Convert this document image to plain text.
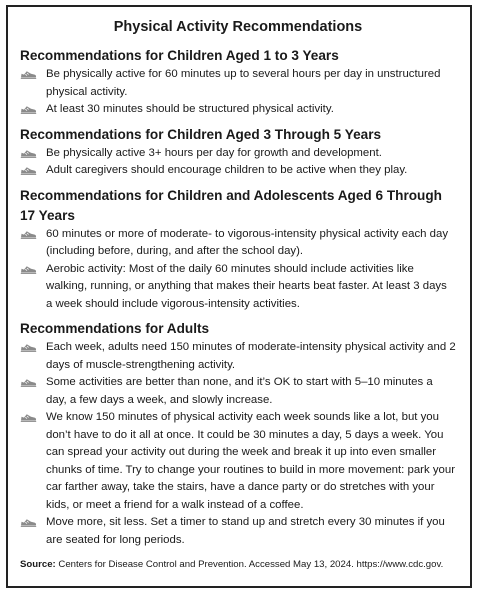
Physical Activity Recommendations
Recommendations for Children Aged 1 to 3 Years
Be physically active for 60 minutes up to several hours per day in unstructured physical activity.
At least 30 minutes should be structured physical activity.
Recommendations for Children Aged 3 Through 5 Years
Be physically active 3+ hours per day for growth and development.
Adult caregivers should encourage children to be active when they play.
Recommendations for Children and Adolescents Aged 6 Through 17 Years
60 minutes or more of moderate- to vigorous-intensity physical activity each day (including before, during, and after the school day).
Aerobic activity: Most of the daily 60 minutes should include activities like walking, running, or anything that makes their hearts beat faster. At least 3 days a week should include vigorous-intensity activities.
Recommendations for Adults
Each week, adults need 150 minutes of moderate-intensity physical activity and 2 days of muscle-strengthening activity.
Some activities are better than none, and it’s OK to start with 5–10 minutes a day, a few days a week, and slowly increase.
We know 150 minutes of physical activity each week sounds like a lot, but you don’t have to do it all at once. It could be 30 minutes a day, 5 days a week. You can spread your activity out during the week and break it up into even smaller chunks of time. Try to change your routines to build in more movement: park your car farther away, take the stairs, have a dance party or do stretches with your kids, or meet a friend for a walk instead of a coffee.
Move more, sit less. Set a timer to stand up and stretch every 30 minutes if you are seated for long periods.
Source: Centers for Disease Control and Prevention. Accessed May 13, 2024. https://www.cdc.gov.
